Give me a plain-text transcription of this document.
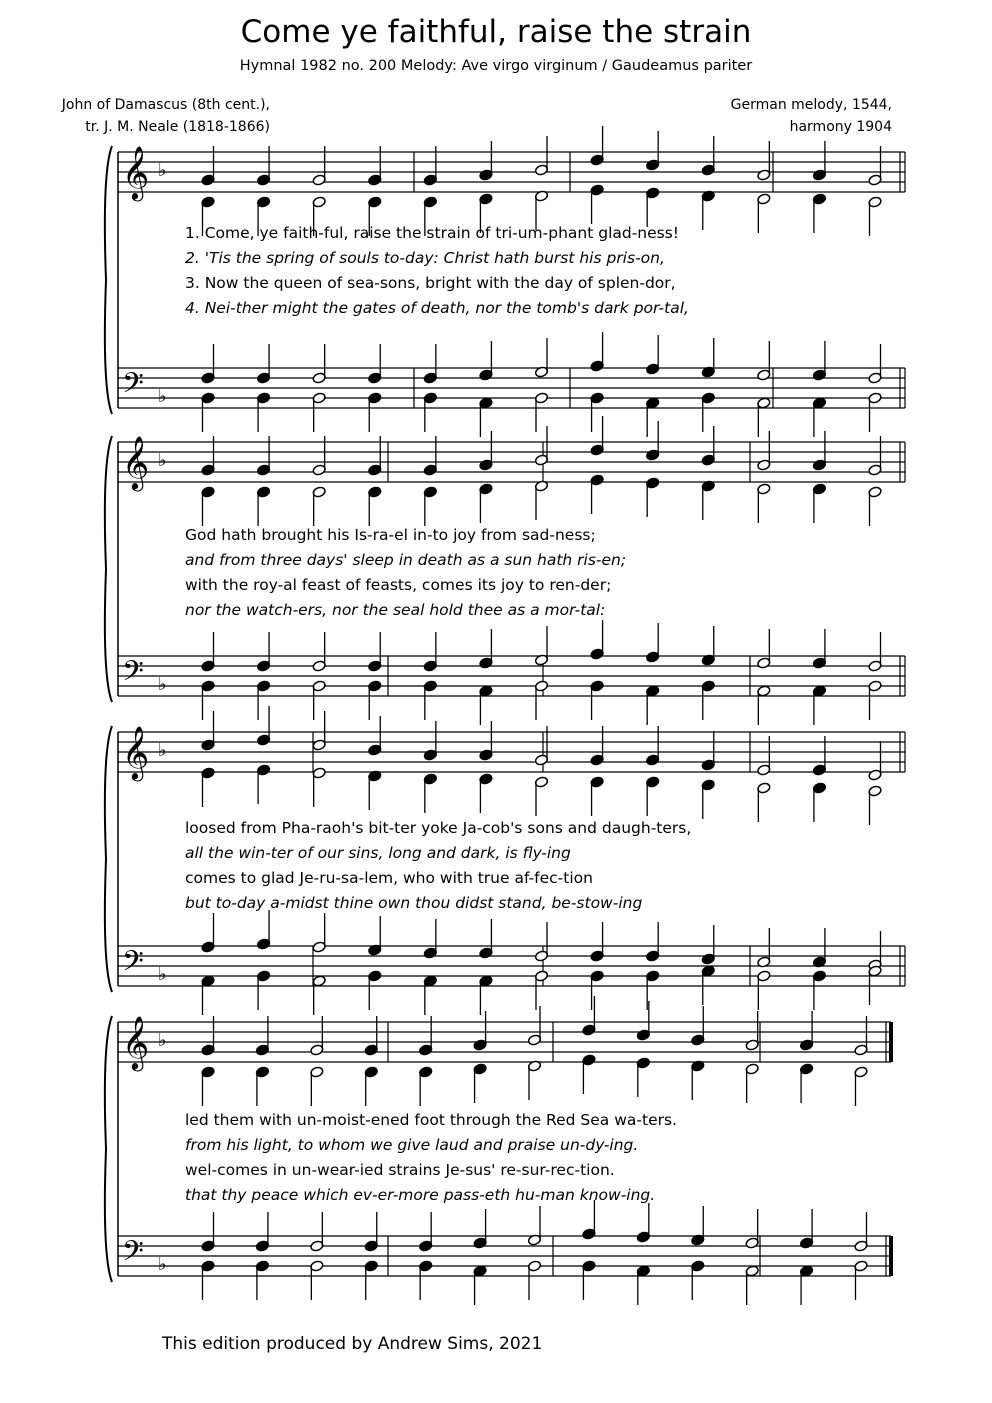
Come ye faithful, raise the strain
Hymnal 1982 no. 200 Melody: Ave virgo virginum / Gaudeamus pariter
John of Damascus (8th cent.),
tr. J. M. Neale (1818-1866)
German melody, 1544,
harmony 1904
𝄞 ♭
𝄢 ♭
𝄞 ♭
𝄢 ♭
𝄞 ♭
𝄢 ♭
𝄞 ♭
𝄢 ♭
1. Come, ye faith-ful, raise the strain of tri-um-phant glad-ness!
2. 'Tis the spring of souls to-day: Christ hath burst his pris-on,
3. Now the queen of sea-sons, bright with the day of splen-dor,
4. Nei-ther might the gates of death, nor the tomb's dark por-tal,
God hath brought his Is-ra-el in-to joy from sad-ness;
and from three days' sleep in death as a sun hath ris-en;
with the roy-al feast of feasts, comes its joy to ren-der;
nor the watch-ers, nor the seal hold thee as a mor-tal:
loosed from Pha-raoh's bit-ter yoke Ja-cob's sons and daugh-ters,
all the win-ter of our sins, long and dark, is fly-ing
comes to glad Je-ru-sa-lem, who with true af-fec-tion
but to-day a-midst thine own thou didst stand, be-stow-ing
led them with un-moist-ened foot through the Red Sea wa-ters.
from his light, to whom we give laud and praise un-dy-ing.
wel-comes in un-wear-ied strains Je-sus' re-sur-rec-tion.
that thy peace which ev-er-more pass-eth hu-man know-ing.
This edition produced by Andrew Sims, 2021
